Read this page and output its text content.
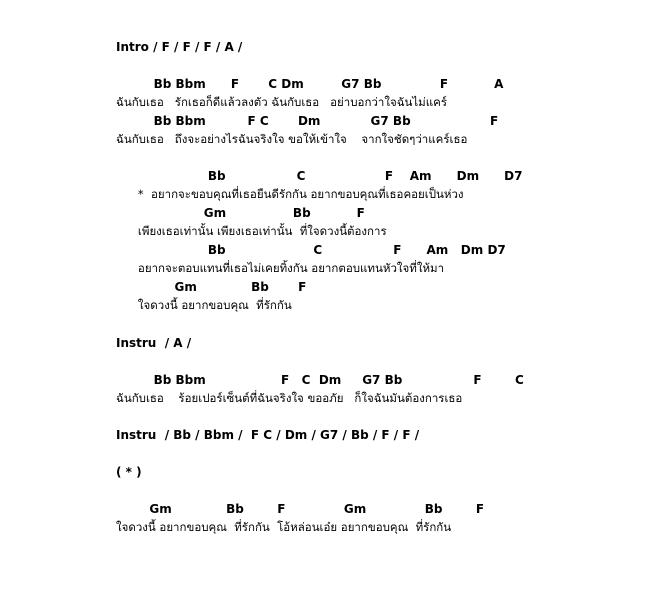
Intro / F / F / F / A /
Bb Bbm      F       C Dm         G7 Bb              F           A
ฉันกับเธอ   รักเธอก็ดีแล้วลงตัว ฉันกับเธอ   อย่าบอกว่าใจฉันไม่แคร์
Bb Bbm          F C       Dm            G7 Bb                   F
ฉันกับเธอ   ถึงจะอย่างไรฉันจริงใจ ขอให้เข้าใจ    จากใจชัดๆว่าแคร์เธอ
Bb                 C                   F    Am      Dm      D7
*  อยากจะขอบคุณที่เธอยืนดีรักกัน อยากขอบคุณที่เธอคอยเป็นห่วง
Gm                Bb           F
เพียงเธอเท่านั้น เพียงเธอเท่านั้น  ที่ใจดวงนี้ต้องการ
Bb                     C                 F      Am   Dm D7
อยากจะตอบแทนที่เธอไม่เคยทิ้งกัน อยากตอบแทนหัวใจที่ให้มา
Gm             Bb       F
ใจดวงนี้ อยากขอบคุณ  ที่รักกัน
Instru  / A /
Bb Bbm                  F   C  Dm     G7 Bb                 F        C
ฉันกับเธอ    ร้อยเปอร์เซ็นต์ที่ฉันจริงใจ ขออภัย   ก็ใจฉันมันต้องการเธอ
Instru  / Bb / Bbm /  F C / Dm / G7 / Bb / F / F /
( * )
Gm             Bb        F              Gm              Bb        F
ใจดวงนี้ อยากขอบคุณ  ที่รักกัน  โอ้หล่อนเอ๋ย อยากขอบคุณ  ที่รักกัน
